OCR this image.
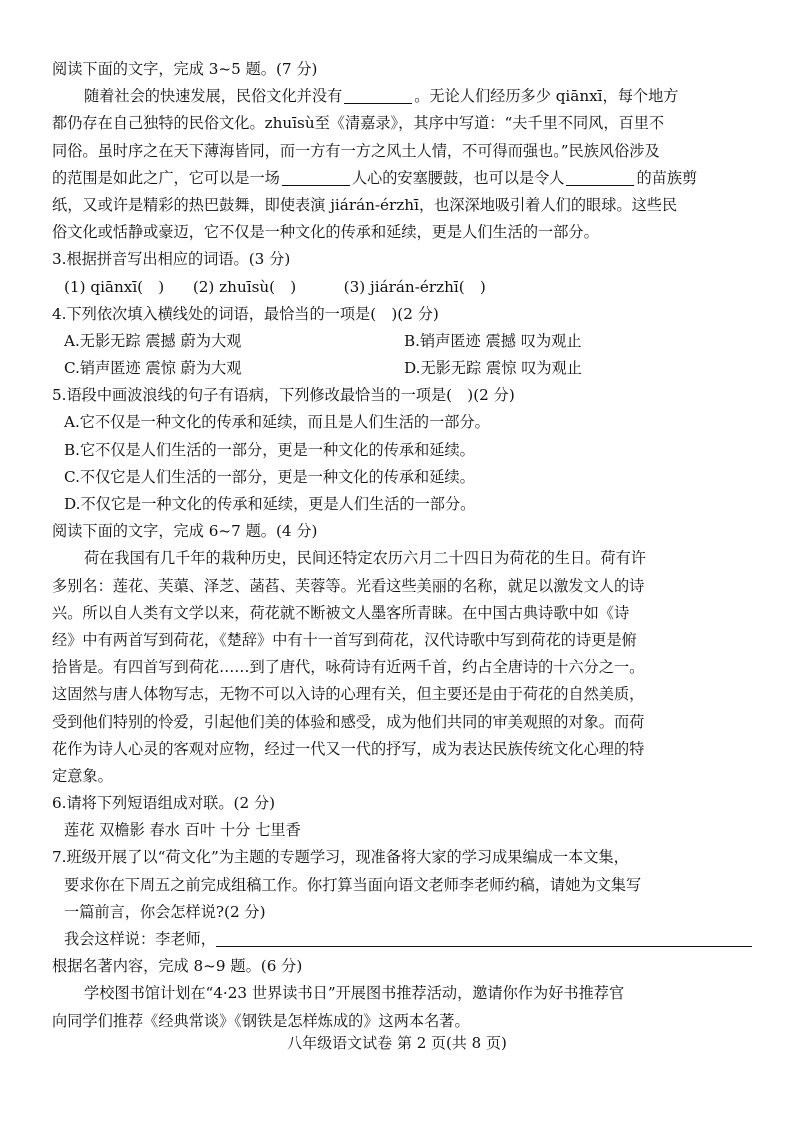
阅读下面的文字，完成 3~5 题。(7 分)
随着社会的快速发展，民俗文化并没有	。无论人们经历多少 qiānxī，每个地方
都仍存在自己独特的民俗文化。zhuīsù至《清嘉录》，其序中写道：“夫千里不同风，百里不
同俗。虽时序之在天下薄海皆同，而一方有一方之风土人情，不可得而强也。”民族风俗涉及
的范围是如此之广，它可以是一场	人心的安塞腰鼓，也可以是令人	的苗族剪
纸，又或许是精彩的热巴鼓舞，即使表演 jiárán-érzhī，也深深地吸引着人们的眼球。这些民
俗文化或恬静或豪迈，它不仅是一种文化的传承和延续，更是人们生活的一部分。
3.根据拼音写出相应的词语。(3 分)
(1) qiānxī(　) (2) zhuīsù(　)	(3) jiárán-érzhī(　)
4.下列依次填入横线处的词语，最恰当的一项是(　)(2 分)
A.无影无踪 震撼 蔚为大观	B.销声匿迹 震撼 叹为观止
C.销声匿迹 震惊 蔚为大观	D.无影无踪 震惊 叹为观止
5.语段中画波浪线的句子有语病，下列修改最恰当的一项是(　)(2 分)
A.它不仅是一种文化的传承和延续，而且是人们生活的一部分。
B.它不仅是人们生活的一部分，更是一种文化的传承和延续。
C.不仅它是人们生活的一部分，更是一种文化的传承和延续。
D.不仅它是一种文化的传承和延续，更是人们生活的一部分。
阅读下面的文字，完成 6~7 题。(4 分)
荷在我国有几千年的栽种历史，民间还特定农历六月二十四日为荷花的生日。荷有许
多别名：莲花、芙蕖、泽芝、菡萏、芙蓉等。光看这些美丽的名称，就足以激发文人的诗
兴。所以自人类有文学以来，荷花就不断被文人墨客所青睐。在中国古典诗歌中如《诗
经》中有两首写到荷花，《楚辞》中有十一首写到荷花，汉代诗歌中写到荷花的诗更是俯
拾皆是。有四首写到荷花……到了唐代，咏荷诗有近两千首，约占全唐诗的十六分之一。
这固然与唐人体物写志，无物不可以入诗的心理有关，但主要还是由于荷花的自然美质，
受到他们特别的怜爱，引起他们美的体验和感受，成为他们共同的审美观照的对象。而荷
花作为诗人心灵的客观对应物，经过一代又一代的抒写，成为表达民族传统文化心理的特
定意象。
6.请将下列短语组成对联。(2 分)
莲花 双檐影 春水 百叶 十分 七里香
7.班级开展了以“荷文化”为主题的专题学习，现准备将大家的学习成果编成一本文集，
要求你在下周五之前完成组稿工作。你打算当面向语文老师李老师约稿，请她为文集写
一篇前言，你会怎样说?(2 分)
我会这样说：李老师，
根据名著内容，完成 8~9 题。(6 分)
学校图书馆计划在“4·23 世界读书日”开展图书推荐活动，邀请你作为好书推荐官
向同学们推荐《经典常谈》《钢铁是怎样炼成的》这两本名著。
八年级语文试卷 第 2 页(共 8 页)
